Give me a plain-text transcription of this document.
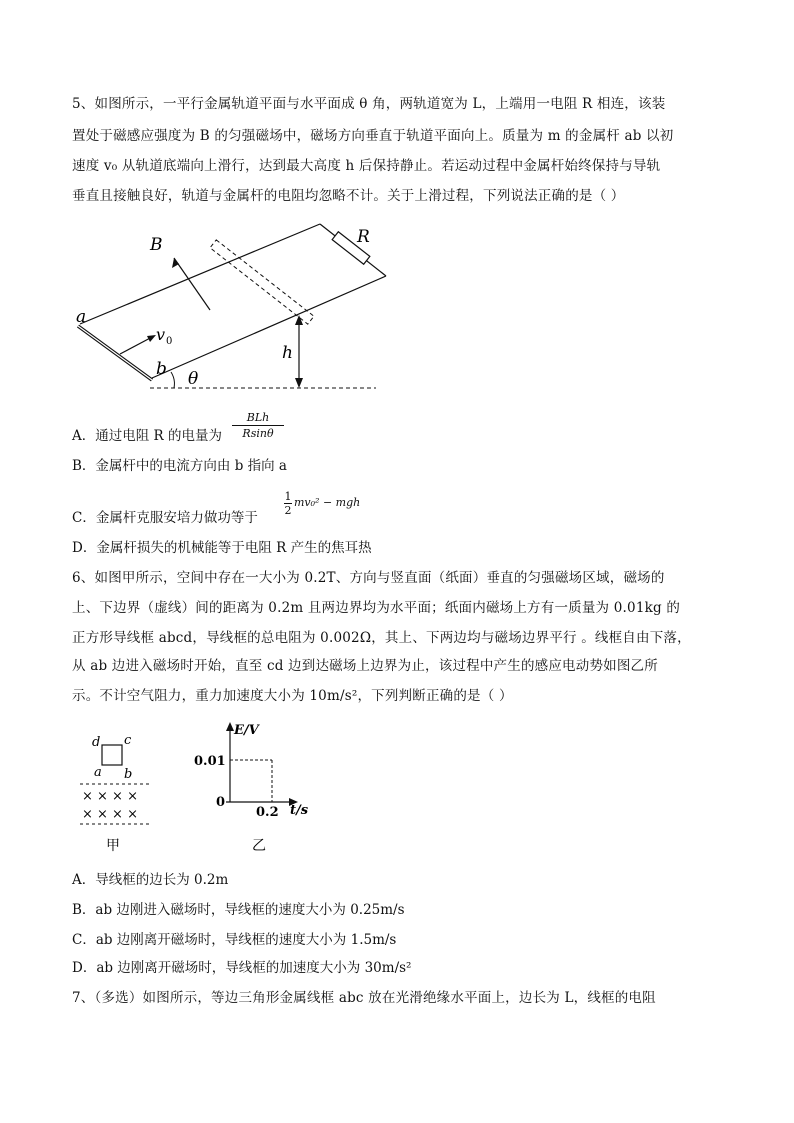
5、如图所示，一平行金属轨道平面与水平面成 θ 角，两轨道宽为 L，上端用一电阻 R 相连，该装
置处于磁感应强度为 B 的匀强磁场中，磁场方向垂直于轨道平面向上。质量为 m 的金属杆 ab 以初
速度 v₀ 从轨道底端向上滑行，达到最大高度 h 后保持静止。若运动过程中金属杆始终保持与导轨
垂直且接触良好，轨道与金属杆的电阻均忽略不计。关于上滑过程，下列说法正确的是（ ）
B	R
a
b
v 0
h
θ
A．通过电阻 R 的电量为
BLh
Rsinθ
B．金属杆中的电流方向由 b 指向 a
C．金属杆克服安培力做功等于
$\frac{1}{2} mv_0^2$ − mgh
D．金属杆损失的机械能等于电阻 R 产生的焦耳热
6、如图甲所示，空间中存在一大小为 0.2T、方向与竖直面（纸面）垂直的匀强磁场区域，磁场的
上、下边界（虚线）间的距离为 0.2m 且两边界均为水平面；纸面内磁场上方有一质量为 0.01kg 的
正方形导线框 abcd，导线框的总电阻为 0.002Ω，其上、下两边均与磁场边界平行 。线框自由下落，
从 ab 边进入磁场时开始，直至 cd 边到达磁场上边界为止，该过程中产生的感应电动势如图乙所
示。不计空气阻力，重力加速度大小为 10m/s²，下列判断正确的是（ ）
d c
a b
× × × ×
× × × ×
甲
E/V
t/s
0.01
0.2
0
乙
A．导线框的边长为 0.2m
B．ab 边刚进入磁场时，导线框的速度大小为 0.25m/s
C．ab 边刚离开磁场时，导线框的速度大小为 1.5m/s
D．ab 边刚离开磁场时，导线框的加速度大小为 30m/s²
7、（多选）如图所示，等边三角形金属线框 abc 放在光滑绝缘水平面上，边长为 L，线框的电阻
